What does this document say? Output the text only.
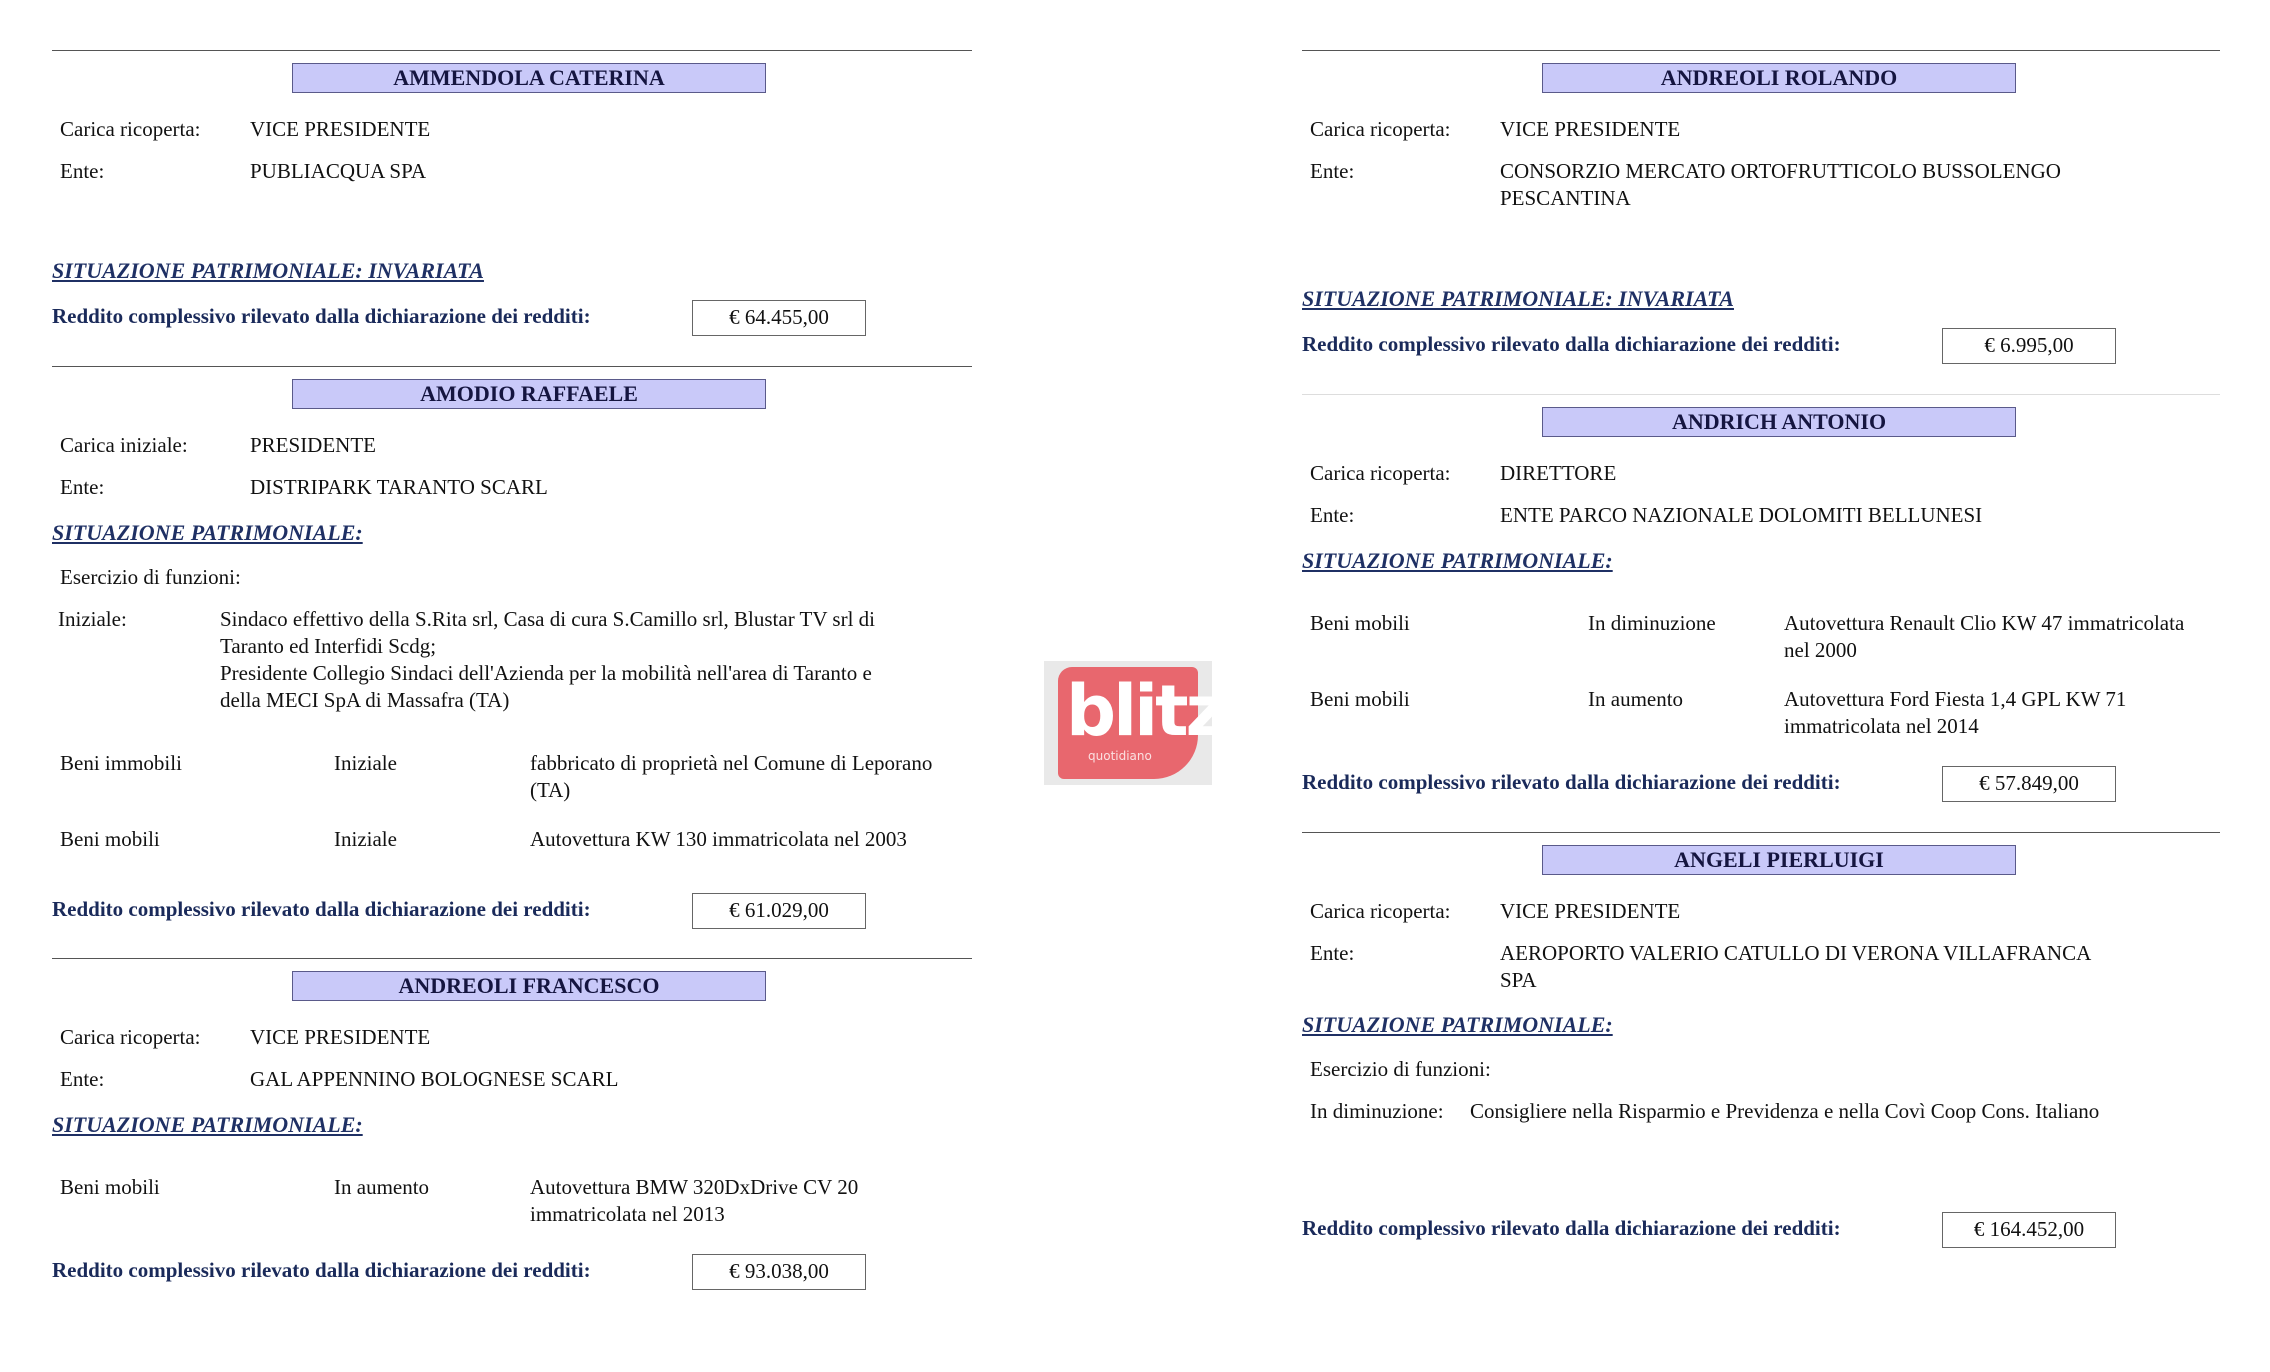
AMMENDOLA CATERINA
Carica ricoperta: VICE PRESIDENTE
Ente:	PUBLIACQUA SPA
SITUAZIONE PATRIMONIALE: INVARIATA
Reddito complessivo rilevato dalla dichiarazione dei redditi:	€ 64.455,00
AMODIO RAFFAELE
Carica iniziale:	PRESIDENTE
Ente:	DISTRIPARK TARANTO SCARL
SITUAZIONE PATRIMONIALE:
Esercizio di funzioni:
Iniziale:	Sindaco effettivo della S.Rita srl, Casa di cura S.Camillo srl, Blustar TV srl di
Taranto ed Interfidi Scdg;
Presidente Collegio Sindaci dell'Azienda per la mobilità nell'area di Taranto e
della MECI SpA di Massafra (TA)
Beni immobili	Iniziale	fabbricato di proprietà nel Comune di Leporano
(TA)
Beni mobili	Iniziale	Autovettura KW 130 immatricolata nel 2003
Reddito complessivo rilevato dalla dichiarazione dei redditi:	€ 61.029,00
ANDREOLI FRANCESCO
Carica ricoperta: VICE PRESIDENTE
Ente:	GAL APPENNINO BOLOGNESE SCARL
SITUAZIONE PATRIMONIALE:
Beni mobili	In aumento	Autovettura BMW 320DxDrive CV 20
immatricolata nel 2013
Reddito complessivo rilevato dalla dichiarazione dei redditi:	€ 93.038,00
blitz
quotidiano
ANDREOLI ROLANDO
Carica ricoperta: VICE PRESIDENTE
Ente:	CONSORZIO MERCATO ORTOFRUTTICOLO BUSSOLENGO
PESCANTINA
SITUAZIONE PATRIMONIALE: INVARIATA
Reddito complessivo rilevato dalla dichiarazione dei redditi:	€ 6.995,00
ANDRICH ANTONIO
Carica ricoperta: DIRETTORE
Ente:	ENTE PARCO NAZIONALE DOLOMITI BELLUNESI
SITUAZIONE PATRIMONIALE:
Beni mobili	In diminuzione	Autovettura Renault Clio KW 47 immatricolata
nel 2000
Beni mobili	In aumento	Autovettura Ford Fiesta 1,4 GPL KW 71
immatricolata nel 2014
Reddito complessivo rilevato dalla dichiarazione dei redditi:	€ 57.849,00
ANGELI PIERLUIGI
Carica ricoperta: VICE PRESIDENTE
Ente:	AEROPORTO VALERIO CATULLO DI VERONA VILLAFRANCA
SPA
SITUAZIONE PATRIMONIALE:
Esercizio di funzioni:
In diminuzione: Consigliere nella Risparmio e Previdenza e nella Covì Coop Cons. Italiano
Reddito complessivo rilevato dalla dichiarazione dei redditi:	€ 164.452,00
